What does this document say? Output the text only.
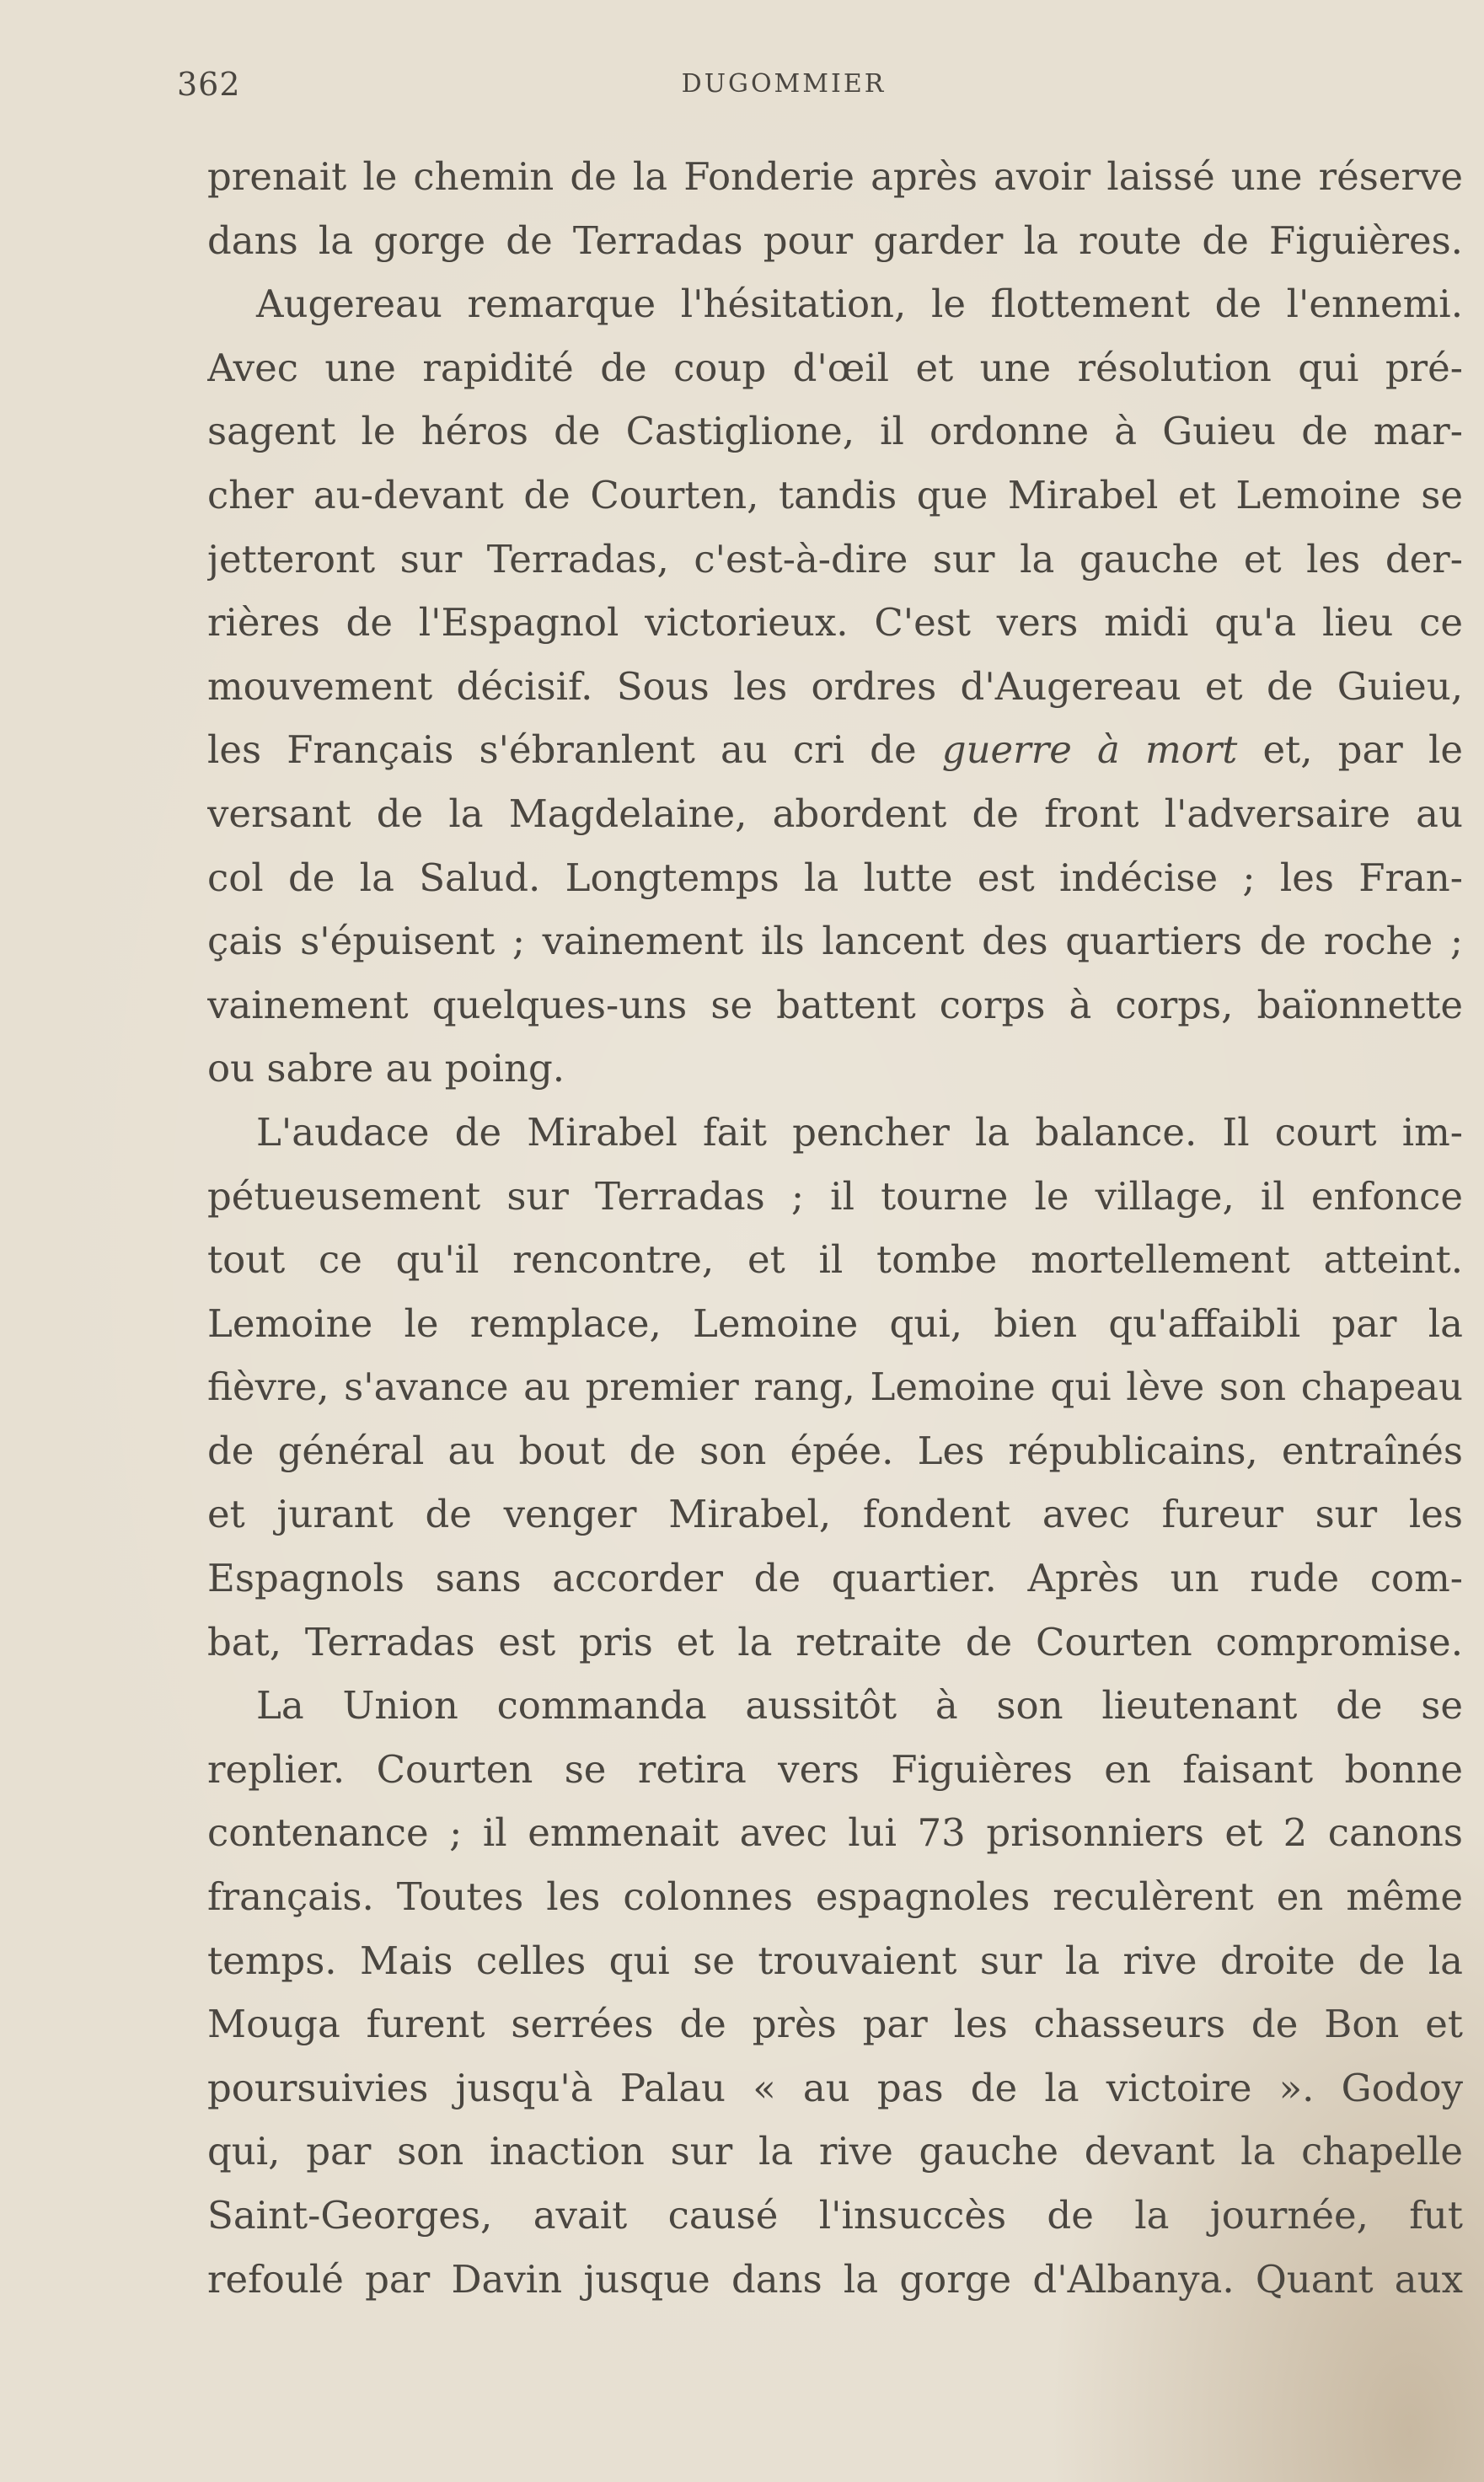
362	DUGOMMIER
prenait le chemin de la Fonderie après avoir laissé une réserve
dans la gorge de Terradas pour garder la route de Figuières.
Augereau remarque l'hésitation, le flottement de l'ennemi.
Avec une rapidité de coup d'œil et une résolution qui pré-
sagent le héros de Castiglione, il ordonne à Guieu de mar-
cher au-devant de Courten, tandis que Mirabel et Lemoine se
jetteront sur Terradas, c'est-à-dire sur la gauche et les der-
rières de l'Espagnol victorieux. C'est vers midi qu'a lieu ce
mouvement décisif. Sous les ordres d'Augereau et de Guieu,
les Français s'ébranlent au cri de guerre à mort et, par le
versant de la Magdelaine, abordent de front l'adversaire au
col de la Salud. Longtemps la lutte est indécise ; les Fran-
çais s'épuisent ; vainement ils lancent des quartiers de roche ;
vainement quelques-uns se battent corps à corps, baïonnette
ou sabre au poing.
L'audace de Mirabel fait pencher la balance. Il court im-
pétueusement sur Terradas ; il tourne le village, il enfonce
tout ce qu'il rencontre, et il tombe mortellement atteint.
Lemoine le remplace, Lemoine qui, bien qu'affaibli par la
fièvre, s'avance au premier rang, Lemoine qui lève son chapeau
de général au bout de son épée. Les républicains, entraînés
et jurant de venger Mirabel, fondent avec fureur sur les
Espagnols sans accorder de quartier. Après un rude com-
bat, Terradas est pris et la retraite de Courten compromise.
La Union commanda aussitôt à son lieutenant de se
replier. Courten se retira vers Figuières en faisant bonne
contenance ; il emmenait avec lui 73 prisonniers et 2 canons
français. Toutes les colonnes espagnoles reculèrent en même
temps. Mais celles qui se trouvaient sur la rive droite de la
Mouga furent serrées de près par les chasseurs de Bon et
poursuivies jusqu'à Palau « au pas de la victoire ». Godoy
qui, par son inaction sur la rive gauche devant la chapelle
Saint-Georges, avait causé l'insuccès de la journée, fut
refoulé par Davin jusque dans la gorge d'Albanya. Quant aux
